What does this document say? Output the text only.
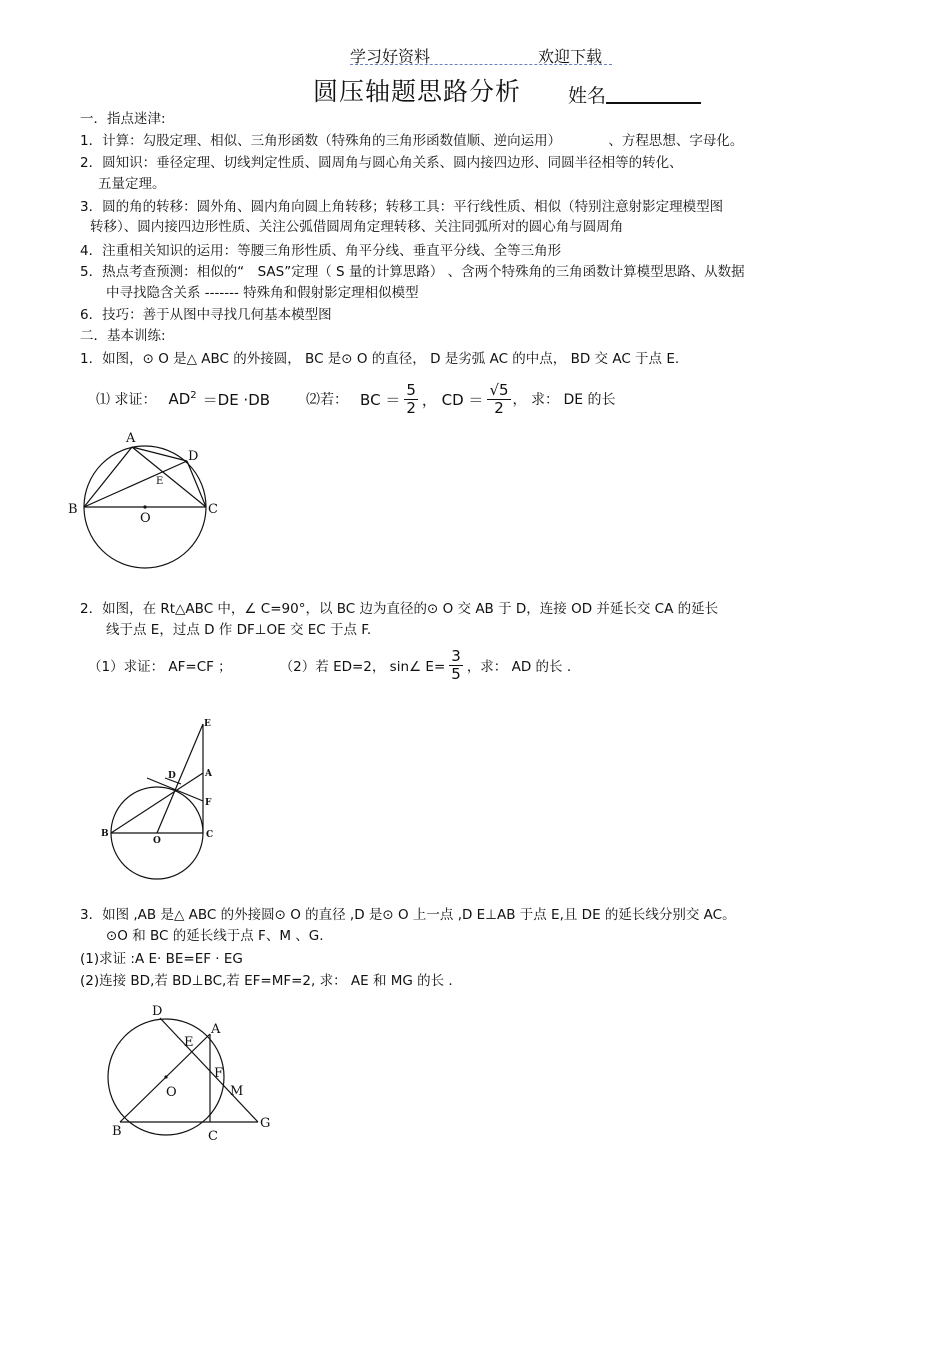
学习好资料	欢迎下载
圆压轴题思路分析 姓名
一．指点迷津:
1．计算：勾股定理、相似、三角形函数（特殊角的三角形函数值顺、逆向运用）　　　　、方程思想、字母化。
2．圆知识：垂径定理、切线判定性质、圆周角与圆心角关系、圆内接四边形、同圆半径相等的转化、
五量定理。
3．圆的角的转移：圆外角、圆内角向圆上角转移；转移工具：平行线性质、相似（特别注意射影定理模型图
转移）、圆内接四边形性质、关注公弧借圆周角定理转移、关注同弧所对的圆心角与圆周角
4．注重相关知识的运用：等腰三角形性质、角平分线、垂直平分线、全等三角形
5．热点考查预测：相似的“　SAS”定理（ S 量的计算思路） 、含两个特殊角的三角函数计算模型思路、从数据
中寻找隐含关系 ------- 特殊角和假射影定理相似模型
6．技巧：善于从图中寻找几何基本模型图
二．基本训练:
1．如图，⊙ O 是△ ABC 的外接圆， BC 是⊙ O 的直径， D 是劣弧 AC 的中点， BD 交 AC 于点 E.
⑴ 求证： $AD^2 =DE \cdot DB$	⑵若： BC ＝ $\frac{5}{2}$ ， CD ＝ $\frac{√5}{2}$ ， 求： DE 的长
A
D
E
B
O
C
2．如图，在 Rt△ABC 中，∠ C=90°，以 BC 边为直径的⊙ O 交 AB 于 D，连接 OD 并延长交 CA 的延长
线于点 E，过点 D 作 DF⊥OE 交 EC 于点 F.
（1）求证： AF=CF ；	（2）若 ED=2， sin∠ $E= \frac{3}{5}$ ，求： AD 的长 .
E
A
D
F
B
O
C
3．如图 ,AB 是△ ABC 的外接圆⊙ O 的直径 ,D 是⊙ O 上一点 ,D E⊥AB 于点 E,且 DE 的延长线分别交 AC。
⊙O 和 BC 的延长线于点 F、M 、G.
(1)求证 :A E· BE=EF · EG
(2)连接 BD,若 BD⊥BC,若 EF=MF=2, 求： AE 和 MG 的长 .
D
A
E
F
O	M
B	C
G
